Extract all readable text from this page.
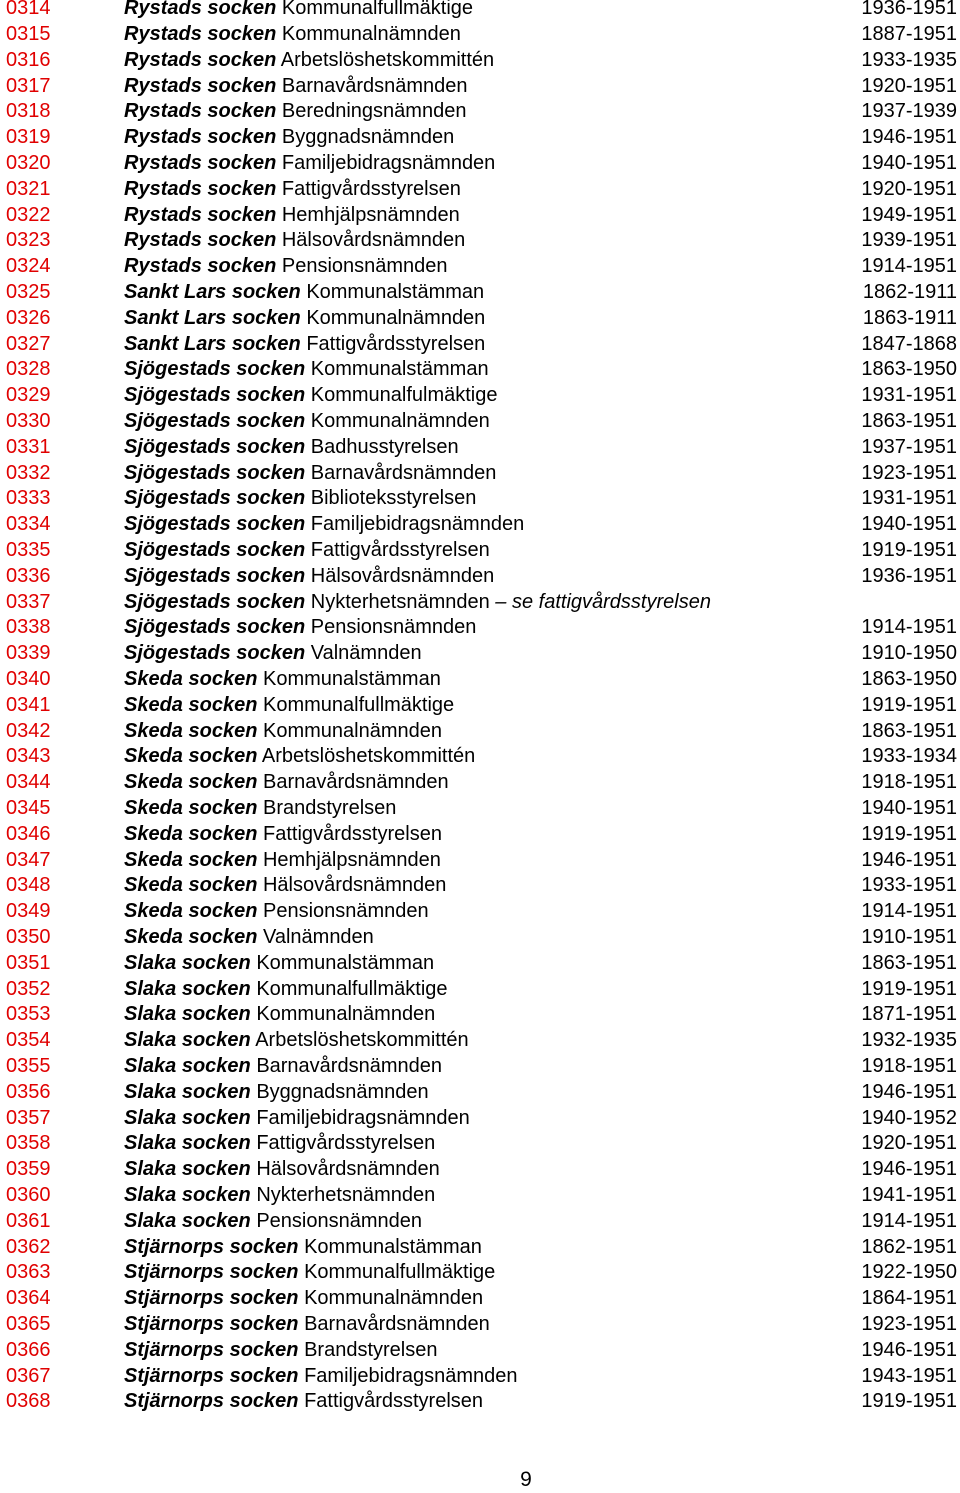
0314	Rystads socken Kommunalfullmäktige	1936-1951
0315	Rystads socken Kommunalnämnden	1887-1951
0316	Rystads socken Arbetslöshetskommittén	1933-1935
0317	Rystads socken Barnavårdsnämnden	1920-1951
0318	Rystads socken Beredningsnämnden	1937-1939
0319	Rystads socken Byggnadsnämnden	1946-1951
0320	Rystads socken Familjebidragsnämnden	1940-1951
0321	Rystads socken Fattigvårdsstyrelsen	1920-1951
0322	Rystads socken Hemhjälpsnämnden	1949-1951
0323	Rystads socken Hälsovårdsnämnden	1939-1951
0324	Rystads socken Pensionsnämnden	1914-1951
0325	Sankt Lars socken Kommunalstämman	1862-1911
0326	Sankt Lars socken Kommunalnämnden	1863-1911
0327	Sankt Lars socken Fattigvårdsstyrelsen	1847-1868
0328	Sjögestads socken Kommunalstämman	1863-1950
0329	Sjögestads socken Kommunalfulmäktige	1931-1951
0330	Sjögestads socken Kommunalnämnden	1863-1951
0331	Sjögestads socken Badhusstyrelsen	1937-1951
0332	Sjögestads socken Barnavårdsnämnden	1923-1951
0333	Sjögestads socken Biblioteksstyrelsen	1931-1951
0334	Sjögestads socken Familjebidragsnämnden	1940-1951
0335	Sjögestads socken Fattigvårdsstyrelsen	1919-1951
0336	Sjögestads socken Hälsovårdsnämnden	1936-1951
0337	Sjögestads socken Nykterhetsnämnden – se fattigvårdsstyrelsen
0338	Sjögestads socken Pensionsnämnden	1914-1951
0339	Sjögestads socken Valnämnden	1910-1950
0340	Skeda socken Kommunalstämman	1863-1950
0341	Skeda socken Kommunalfullmäktige	1919-1951
0342	Skeda socken Kommunalnämnden	1863-1951
0343	Skeda socken Arbetslöshetskommittén	1933-1934
0344	Skeda socken Barnavårdsnämnden	1918-1951
0345	Skeda socken Brandstyrelsen	1940-1951
0346	Skeda socken Fattigvårdsstyrelsen	1919-1951
0347	Skeda socken Hemhjälpsnämnden	1946-1951
0348	Skeda socken Hälsovårdsnämnden	1933-1951
0349	Skeda socken Pensionsnämnden	1914-1951
0350	Skeda socken Valnämnden	1910-1951
0351	Slaka socken Kommunalstämman	1863-1951
0352	Slaka socken Kommunalfullmäktige	1919-1951
0353	Slaka socken Kommunalnämnden	1871-1951
0354	Slaka socken Arbetslöshetskommittén	1932-1935
0355	Slaka socken Barnavårdsnämnden	1918-1951
0356	Slaka socken Byggnadsnämnden	1946-1951
0357	Slaka socken Familjebidragsnämnden	1940-1952
0358	Slaka socken Fattigvårdsstyrelsen	1920-1951
0359	Slaka socken Hälsovårdsnämnden	1946-1951
0360	Slaka socken Nykterhetsnämnden	1941-1951
0361	Slaka socken Pensionsnämnden	1914-1951
0362	Stjärnorps socken Kommunalstämman	1862-1951
0363	Stjärnorps socken Kommunalfullmäktige	1922-1950
0364	Stjärnorps socken Kommunalnämnden	1864-1951
0365	Stjärnorps socken Barnavårdsnämnden	1923-1951
0366	Stjärnorps socken Brandstyrelsen	1946-1951
0367	Stjärnorps socken Familjebidragsnämnden	1943-1951
0368	Stjärnorps socken Fattigvårdsstyrelsen	1919-1951
9
